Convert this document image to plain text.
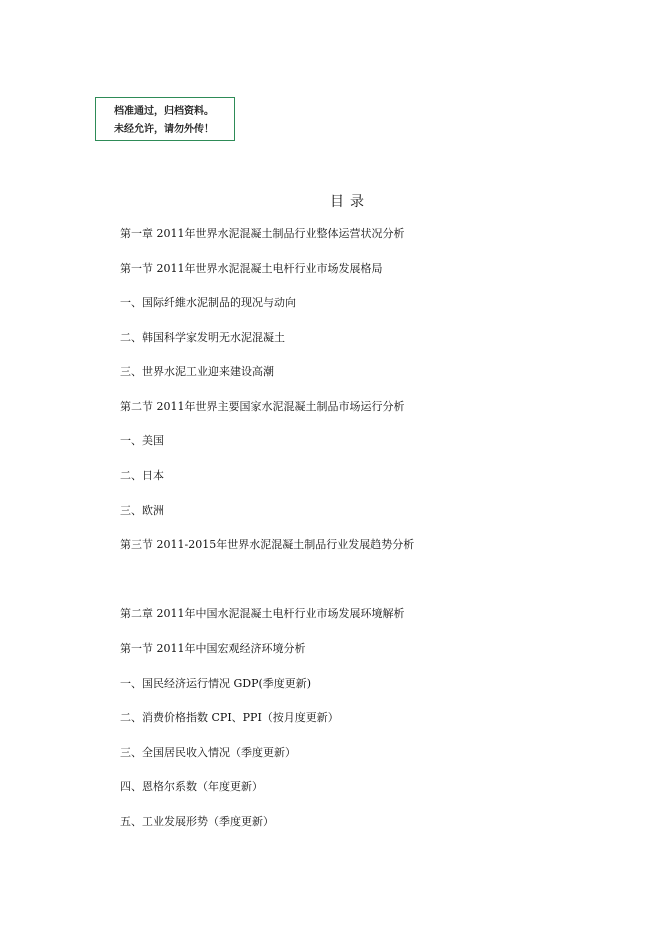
档准通过，归档资料。
未经允许，请勿外传！
目录
第一章 2011年世界水泥混凝土制品行业整体运营状况分析
第一节 2011年世界水泥混凝土电杆行业市场发展格局
一、国际纤維水泥制品的现况与动向
二、韩国科学家发明无水泥混凝土
三、世界水泥工业迎来建设高潮
第二节 2011年世界主要国家水泥混凝土制品市场运行分析
一、美国
二、日本
三、欧洲
第三节 2011-2015年世界水泥混凝土制品行业发展趋势分析
第二章 2011年中国水泥混凝土电杆行业市场发展环境解析
第一节 2011年中国宏观经济环境分析
一、国民经济运行情况 GDP(季度更新)
二、消费价格指数 CPI、PPI（按月度更新）
三、全国居民收入情况（季度更新）
四、恩格尔系数（年度更新）
五、工业发展形势（季度更新）
